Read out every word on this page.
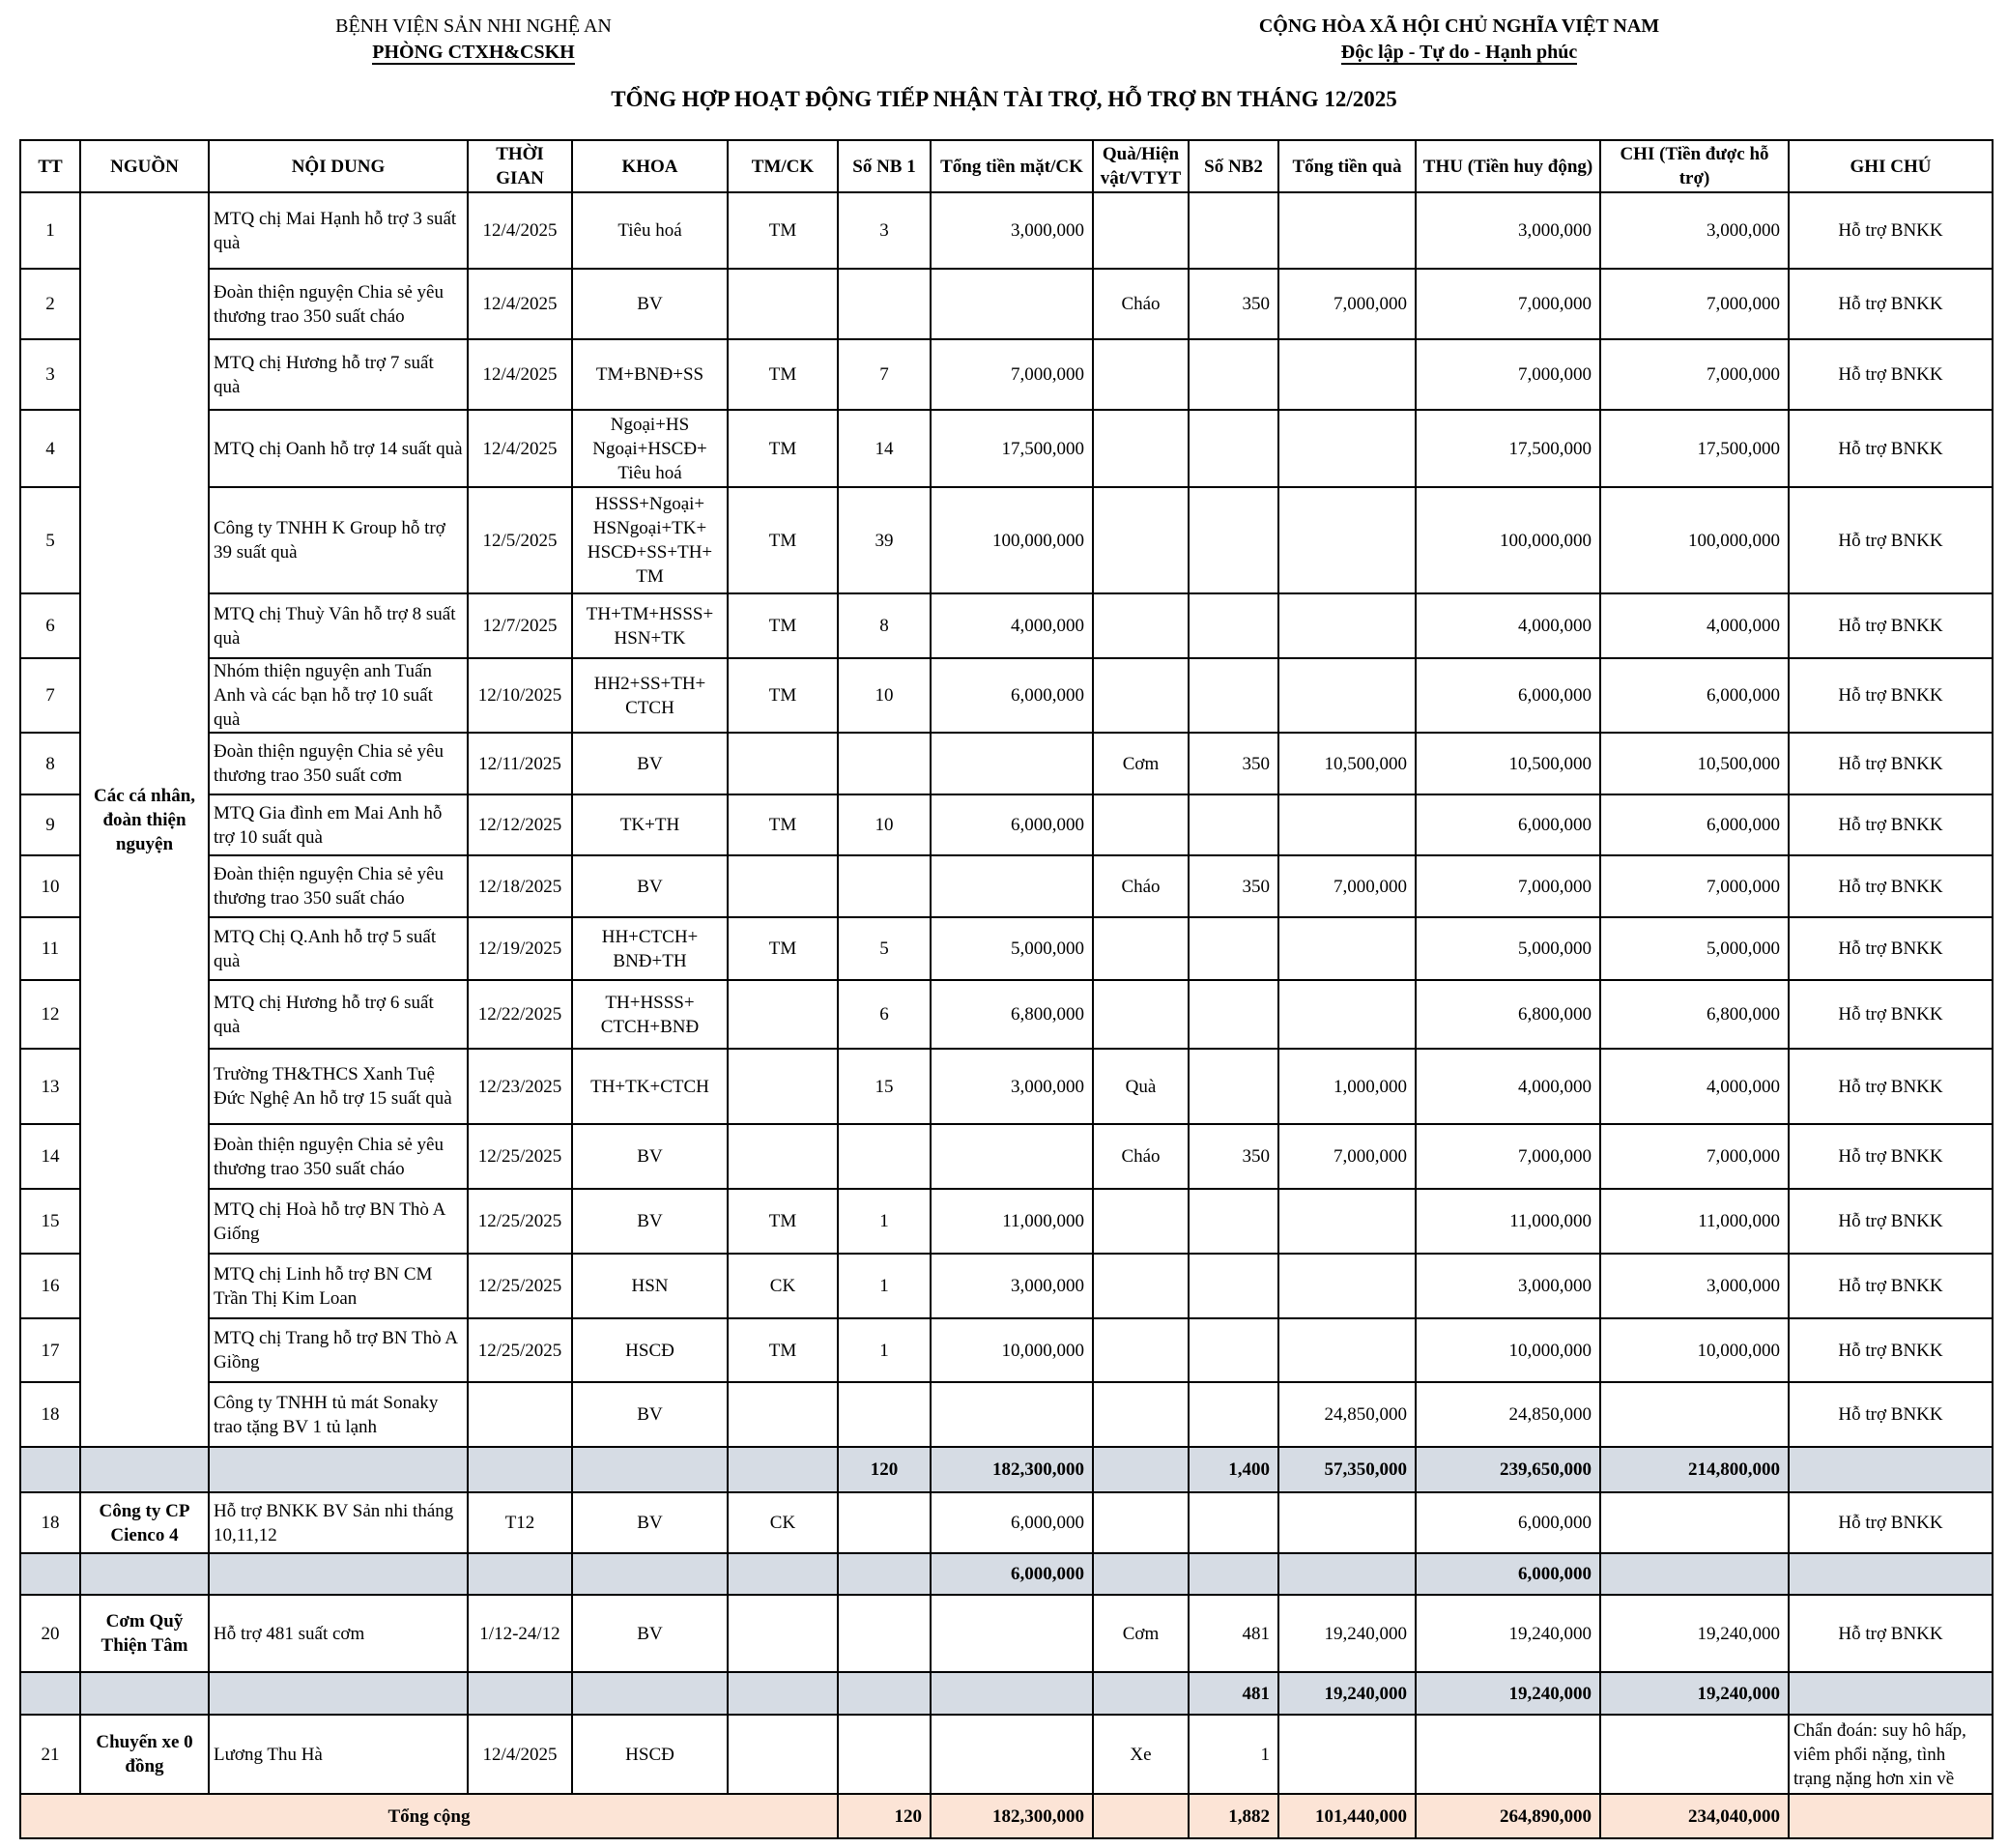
BỆNH VIỆN SẢN NHI NGHỆ AN
PHÒNG CTXH&CSKH
CỘNG HÒA XÃ HỘI CHỦ NGHĨA VIỆT NAM
Độc lập - Tự do - Hạnh phúc
TỔNG HỢP HOẠT ĐỘNG TIẾP NHẬN TÀI TRỢ, HỖ TRỢ BN THÁNG 12/2025
TT	NGUỒN	NỘI DUNG	THỜI GIAN	KHOA	TM/CK	Số NB 1	Tổng tiền mặt/CK	Quà/Hiện vật/VTYT	Số NB2	Tổng tiền quà	THU (Tiền huy động)	CHI (Tiền được hỗ trợ)	GHI CHÚ
1	Các cá nhân, đoàn thiện nguyện	MTQ chị Mai Hạnh hỗ trợ 3 suất quà	12/4/2025	Tiêu hoá	TM	3	3,000,000				3,000,000	3,000,000	Hỗ trợ BNKK
2		Đoàn thiện nguyện Chia sẻ yêu thương trao 350 suất cháo	12/4/2025	BV				Cháo	350	7,000,000	7,000,000	7,000,000	Hỗ trợ BNKK
3		MTQ chị Hương hỗ trợ 7 suất quà	12/4/2025	TM+BNĐ+SS	TM	7	7,000,000				7,000,000	7,000,000	Hỗ trợ BNKK
4		MTQ chị Oanh hỗ trợ 14 suất quà	12/4/2025	Ngoại+HS Ngoại+HSCĐ+ Tiêu hoá	TM	14	17,500,000				17,500,000	17,500,000	Hỗ trợ BNKK
5		Công ty TNHH K Group hỗ trợ 39 suất quà	12/5/2025	HSSS+Ngoại+ HSNgoại+TK+ HSCĐ+SS+TH+ TM	TM	39	100,000,000				100,000,000	100,000,000	Hỗ trợ BNKK
6		MTQ chị Thuỳ Vân hỗ trợ 8 suất quà	12/7/2025	TH+TM+HSSS+ HSN+TK	TM	8	4,000,000				4,000,000	4,000,000	Hỗ trợ BNKK
7		Nhóm thiện nguyện anh Tuấn Anh và các bạn hỗ trợ 10 suất quà	12/10/2025	HH2+SS+TH+ CTCH	TM	10	6,000,000				6,000,000	6,000,000	Hỗ trợ BNKK
8		Đoàn thiện nguyện Chia sẻ yêu thương trao 350 suất cơm	12/11/2025	BV				Cơm	350	10,500,000	10,500,000	10,500,000	Hỗ trợ BNKK
9		MTQ Gia đình em Mai Anh hỗ trợ 10 suất quà	12/12/2025	TK+TH	TM	10	6,000,000				6,000,000	6,000,000	Hỗ trợ BNKK
10		Đoàn thiện nguyện Chia sẻ yêu thương trao 350 suất cháo	12/18/2025	BV				Cháo	350	7,000,000	7,000,000	7,000,000	Hỗ trợ BNKK
11		MTQ Chị Q.Anh hỗ trợ 5 suất quà	12/19/2025	HH+CTCH+ BNĐ+TH	TM	5	5,000,000				5,000,000	5,000,000	Hỗ trợ BNKK
12		MTQ chị Hương hỗ trợ 6 suất quà	12/22/2025	TH+HSSS+ CTCH+BNĐ		6	6,800,000				6,800,000	6,800,000	Hỗ trợ BNKK
13		Trường TH&THCS Xanh Tuệ Đức Nghệ An hỗ trợ 15 suất quà	12/23/2025	TH+TK+CTCH		15	3,000,000	Quà		1,000,000	4,000,000	4,000,000	Hỗ trợ BNKK
14		Đoàn thiện nguyện Chia sẻ yêu thương trao 350 suất cháo	12/25/2025	BV				Cháo	350	7,000,000	7,000,000	7,000,000	Hỗ trợ BNKK
15		MTQ chị Hoà hỗ trợ BN Thò A Giống	12/25/2025	BV	TM	1	11,000,000				11,000,000	11,000,000	Hỗ trợ BNKK
16		MTQ chị Linh hỗ trợ BN CM Trần Thị Kim Loan	12/25/2025	HSN	CK	1	3,000,000				3,000,000	3,000,000	Hỗ trợ BNKK
17		MTQ chị Trang hỗ trợ BN Thò A Giồng	12/25/2025	HSCĐ	TM	1	10,000,000				10,000,000	10,000,000	Hỗ trợ BNKK
18		Công ty TNHH tủ mát Sonaky trao tặng BV 1 tủ lạnh		BV						24,850,000	24,850,000		Hỗ trợ BNKK
						120	182,300,000		1,400	57,350,000	239,650,000	214,800,000	
18	Công ty CP Cienco 4	Hỗ trợ BNKK BV Sản nhi tháng 10,11,12	T12	BV	CK		6,000,000				6,000,000		Hỗ trợ BNKK
							6,000,000				6,000,000		
20	Cơm Quỹ Thiện Tâm	Hỗ trợ 481 suất cơm	1/12-24/12	BV				Cơm	481	19,240,000	19,240,000	19,240,000	Hỗ trợ BNKK
									481	19,240,000	19,240,000	19,240,000	
21	Chuyến xe 0 đồng	Lương Thu Hà	12/4/2025	HSCĐ				Xe	1				Chẩn đoán: suy hô hấp, viêm phổi nặng, tình trạng nặng hơn xin về
Tổng cộng						120	182,300,000		1,882	101,440,000	264,890,000	234,040,000	
